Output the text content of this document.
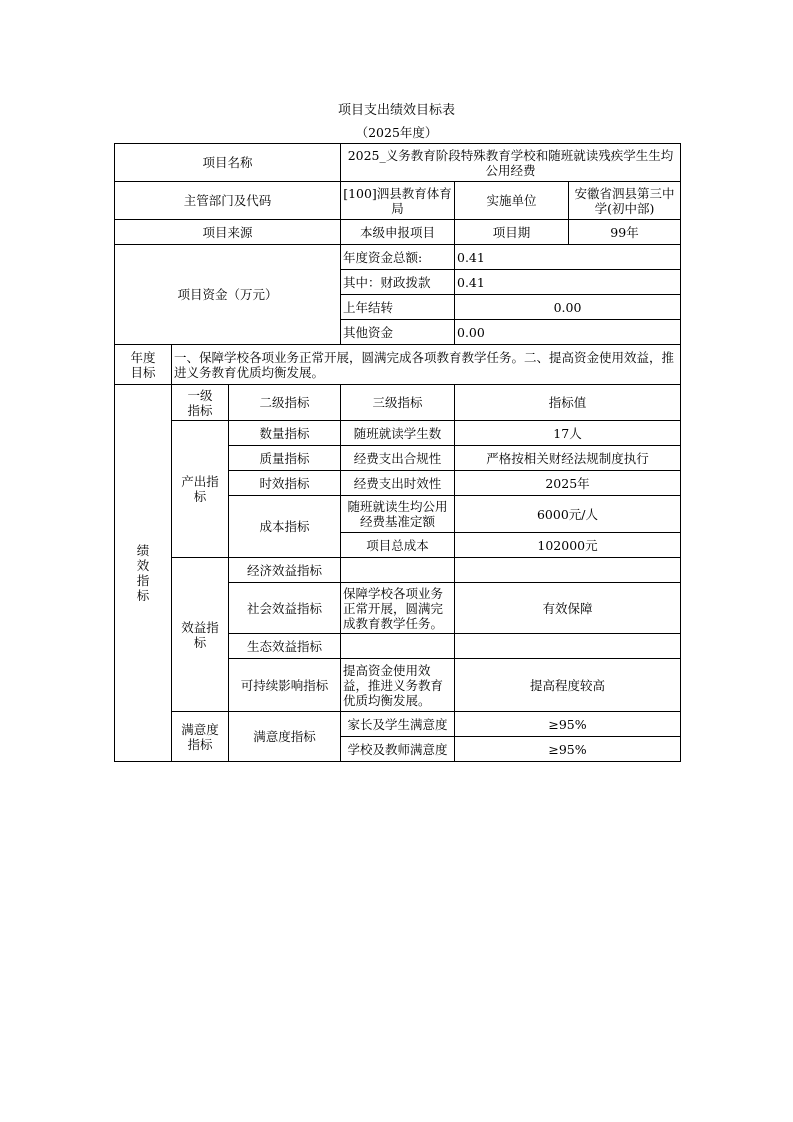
项目支出绩效目标表
（2025年度）
项目名称			2025_义务教育阶段特殊教育学校和随班就读残疾学生生均公用经费		
主管部门及代码			[100]泗县教育体育局	实施单位	安徽省泗县第三中学(初中部)
项目来源			本级申报项目	项目期	99年

项目资金（万元）			年度资金总额:	0.41	
			其中：财政拨款	0.41	
			上年结转	0.00	
			其他资金	0.00	

年度目标	一、保障学校各项业务正常开展，圆满完成各项教育教学任务。二、提高资金使用效益，推进义务教育优质均衡发展。				

绩效指标	一级指标	二级指标	三级指标	指标值	

	产出指标	数量指标	随班就读学生数	17人	
		质量指标	经费支出合规性	严格按相关财经法规制度执行	
		时效指标	经费支出时效性	2025年	
		成本指标	随班就读生均公用经费基准定额	6000元/人	
			项目总成本	102000元	

	效益指标	经济效益指标			
		社会效益指标	保障学校各项业务正常开展，圆满完成教育教学任务。	有效保障	
		生态效益指标			
		可持续影响指标	提高资金使用效益，推进义务教育优质均衡发展。	提高程度较高	

	满意度指标	满意度指标	家长及学生满意度	≥95%	
			学校及教师满意度	≥95%	
